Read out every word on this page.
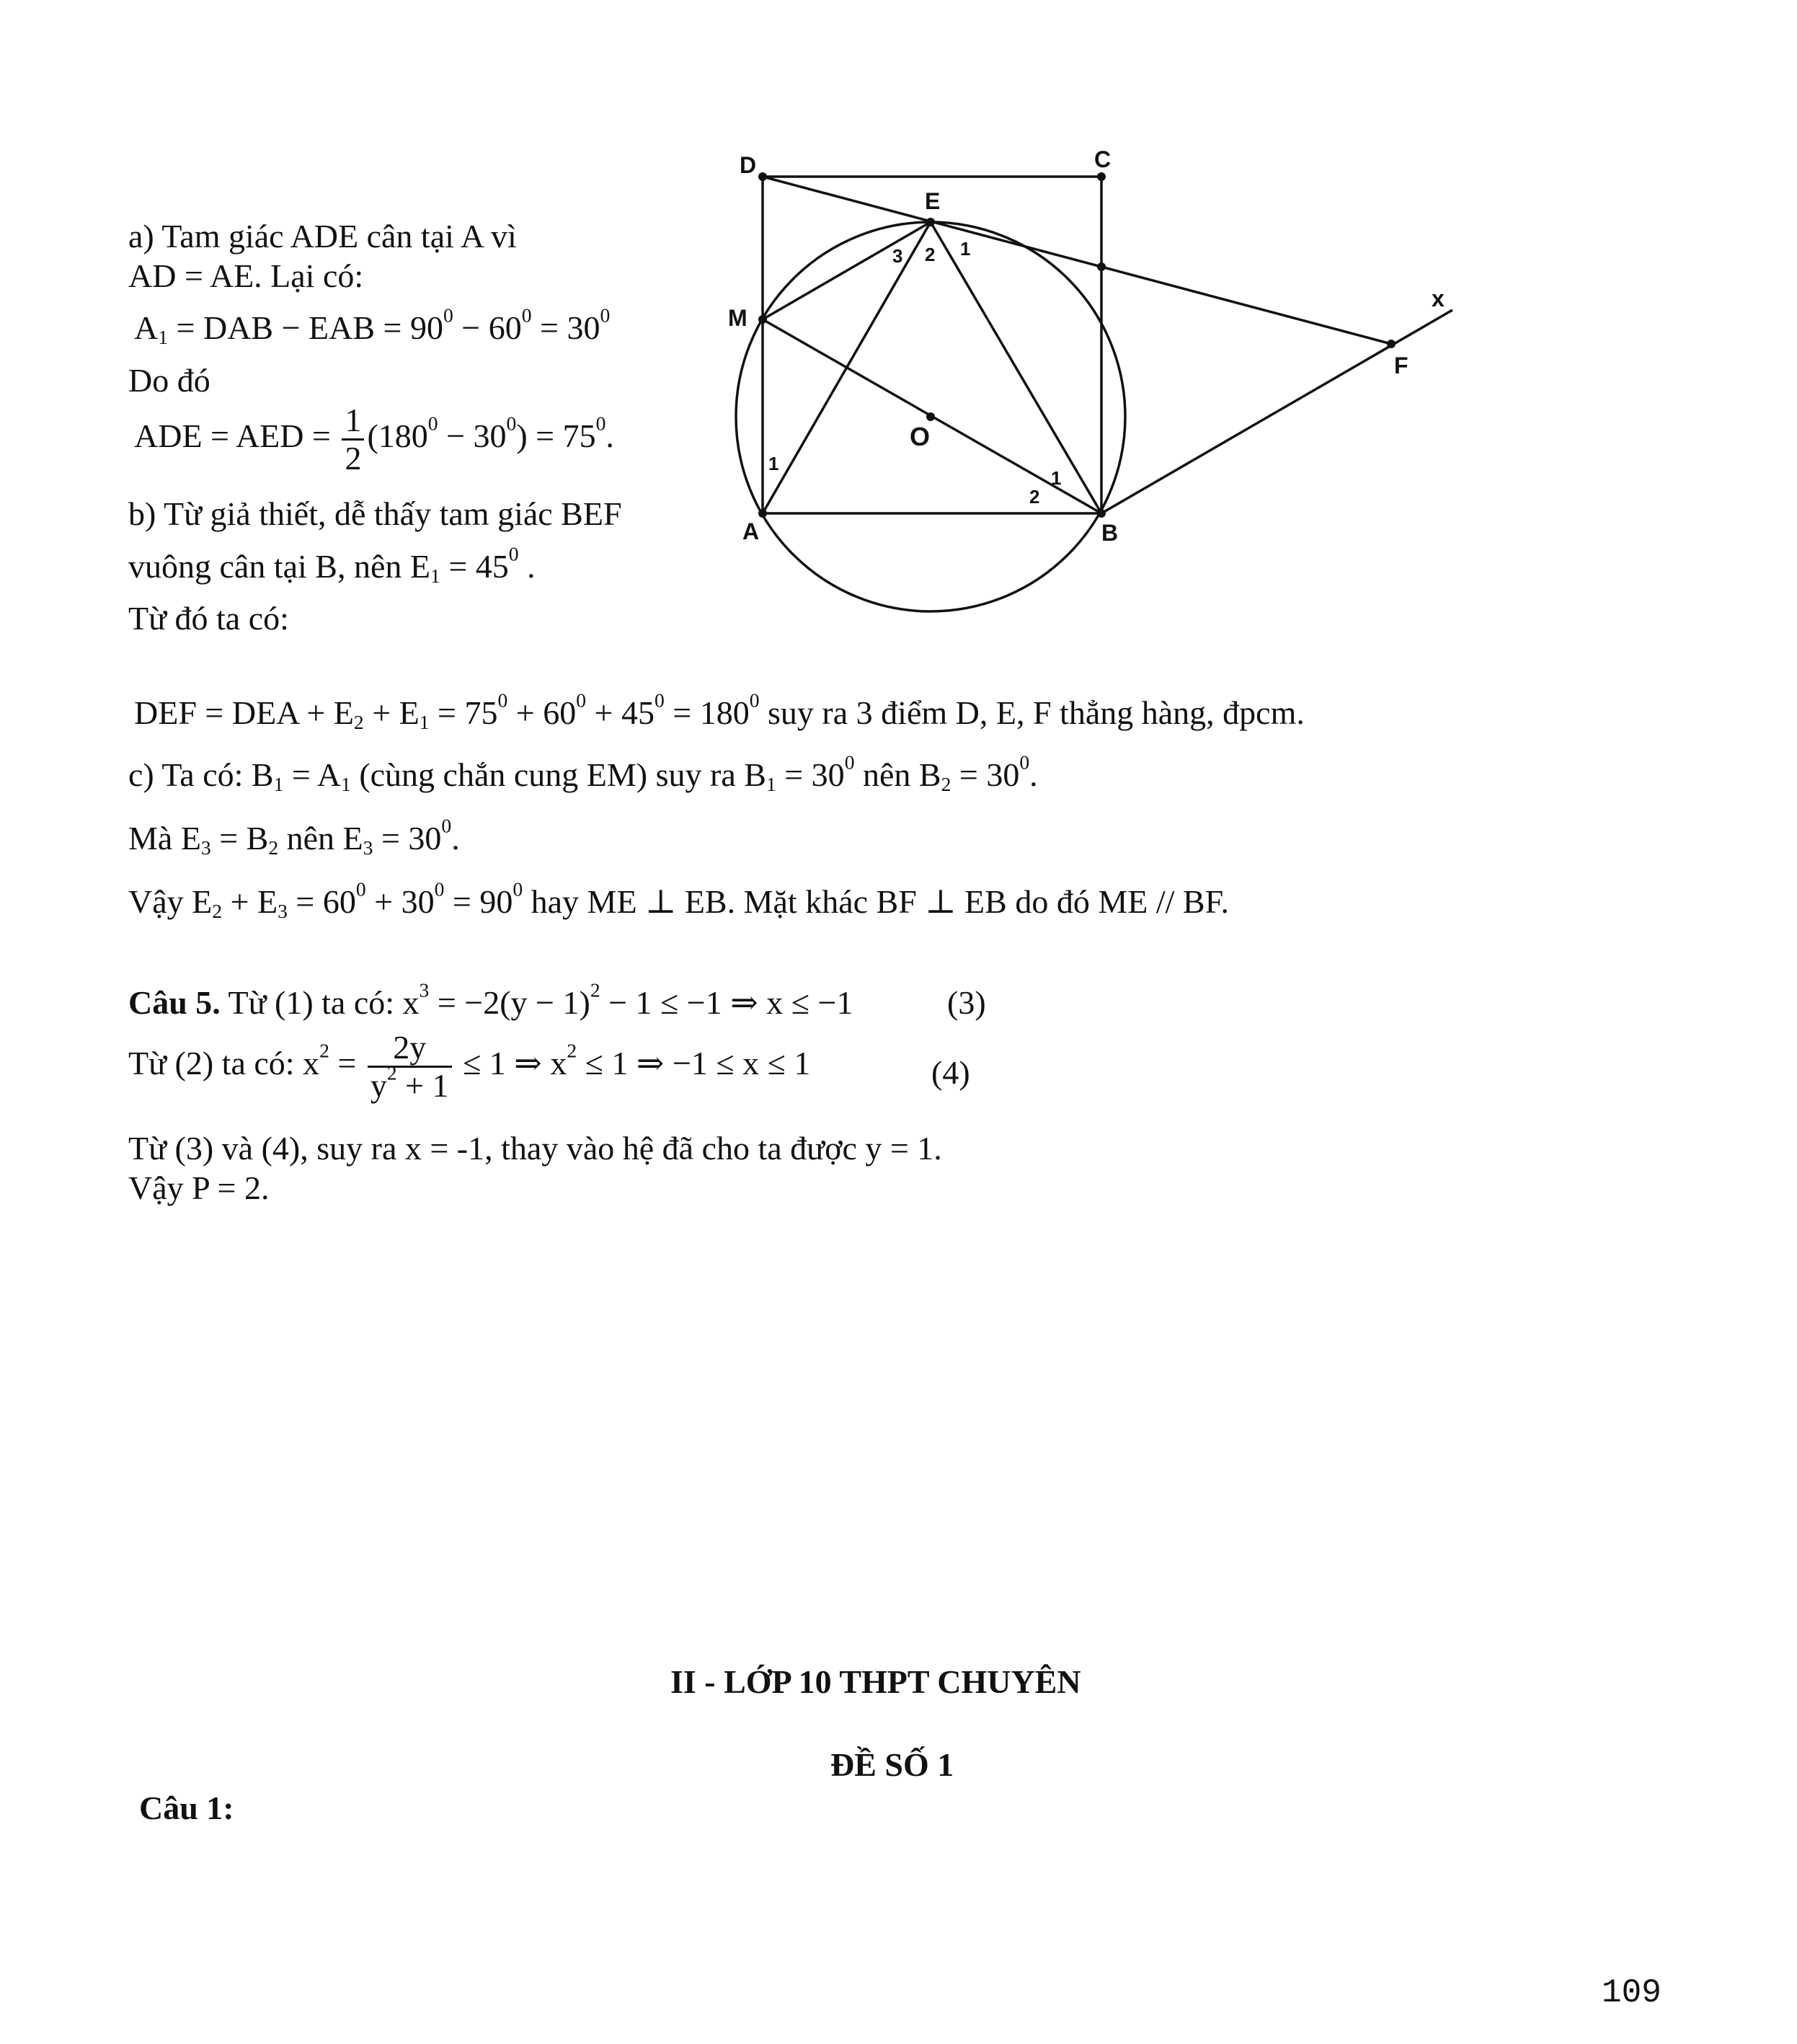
D	C
E
M
O
A	B
F
x
3 2 1
1
1
2
a) Tam giác ADE cân tại A vì
AD = AE. Lại có:
$A_1$ = DAB − EAB = $90^0 - 60^0 = 30^0$
Do đó
ADE = AED = $\frac{1}{2} (180^0 - 30^0) = 75^0$.
b) Từ giả thiết, dễ thấy tam giác BEF
vuông cân tại B, nên $E_1 = 45^0$ .
Từ đó ta có:
DEF = DEA + $E_2 + E_1 = 75^0 + 60^0 + 45^0 = 180^0$ suy ra 3 điểm D, E, F thẳng hàng, đpcm.
c) Ta có: $B_1 = A_1$ (cùng chắn cung EM) suy ra $B_1 = 30^0$ nên $B_2 = 30^0$.
Mà $E_3 = B_2$ nên $E_3 = 30^0$.
Vậy $E_2 + E_3 = 60^0 + 30^0 = 90^0$ hay ME ⊥ EB. Mặt khác BF ⊥ EB do đó ME // BF.
Câu 5. Từ (1) ta có: $x^3 = -2(y - 1)^2 - 1 \le -1$ ⇒ x ≤ −1	(3)
Từ (2) ta có: $x^2 = \frac{2y}{y^2 + 1} \le 1$ ⇒ $x^2 \le 1$ ⇒ −1 ≤ x ≤ 1	(4)
Từ (3) và (4), suy ra x = -1, thay vào hệ đã cho ta được y = 1.
Vậy P = 2.
II - LỚP 10 THPT CHUYÊN
ĐỀ SỐ 1
Câu 1:
109
